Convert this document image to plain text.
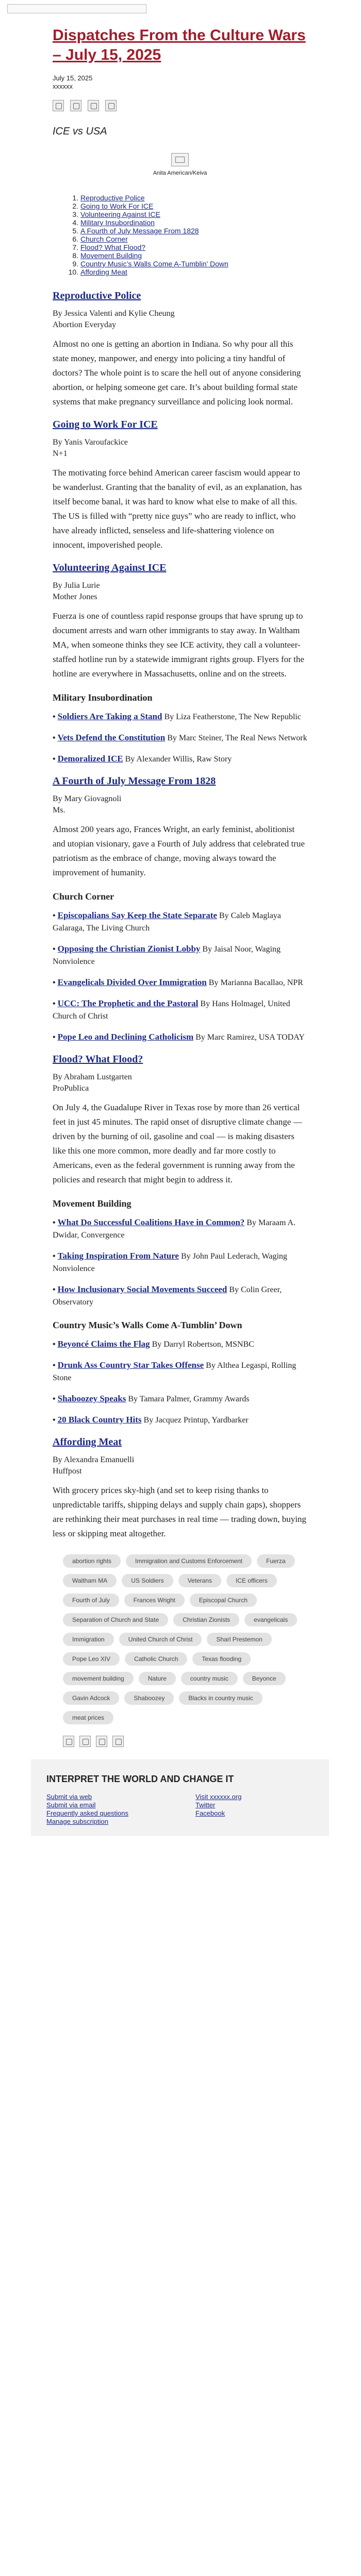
Dispatches From the Culture Wars – July 15, 2025
July 15, 2025
xxxxxx
ICE vs USA
Anita American/Keiva
1. Reproductive Police
2. Going to Work For ICE
3. Volunteering Against ICE
4. Military Insubordination
5. A Fourth of July Message From 1828
6. Church Corner
7. Flood? What Flood?
8. Movement Building
9. Country Music’s Walls Come A-Tumblin’ Down
10. Affording Meat
Reproductive Police
By Jessica Valenti and Kylie Cheung
Abortion Everyday

Almost no one is getting an abortion in Indiana. So why pour all this state money, manpower, and energy into policing a tiny handful of doctors? The whole point is to scare the hell out of anyone considering abortion, or helping someone get care. It’s about building formal state systems that make pregnancy surveillance and policing look normal.

Going to Work For ICE
By Yanis Varoufackice
N+1

The motivating force behind American career fascism would appear to be wanderlust. Granting that the banality of evil, as an explanation, has itself become banal, it was hard to know what else to make of all this. The US is filled with “pretty nice guys” who are ready to inflict, who have already inflicted, senseless and life-shattering violence on innocent, impoverished people.

Volunteering Against ICE
By Julia Lurie
Mother Jones

Fuerza is one of countless rapid response groups that have sprung up to document arrests and warn other immigrants to stay away. In Waltham MA, when someone thinks they see ICE activity, they call a volunteer-staffed hotline run by a statewide immigrant rights group. Flyers for the hotline are everywhere in Massachusetts, online and on the streets.

Military Insubordination
• Soldiers Are Taking a Stand By Liza Featherstone, The New Republic
• Vets Defend the Constitution By Marc Steiner, The Real News Network
• Demoralized ICE By Alexander Willis, Raw Story
A Fourth of July Message From 1828
By Mary Giovagnoli
Ms.

Almost 200 years ago, Frances Wright, an early feminist, abolitionist and utopian visionary, gave a Fourth of July address that celebrated true patriotism as the embrace of change, moving always toward the improvement of humanity.

Church Corner
• Episcopalians Say Keep the State Separate By Caleb Maglaya Galaraga, The Living Church
• Opposing the Christian Zionist Lobby By Jaisal Noor, Waging Nonviolence
• Evangelicals Divided Over Immigration By Marianna Bacallao, NPR
• UCC: The Prophetic and the Pastoral By Hans Holmagel, United Church of Christ
• Pope Leo and Declining Catholicism By Marc Ramirez, USA TODAY
Flood? What Flood?
By Abraham Lustgarten
ProPublica

On July 4, the Guadalupe River in Texas rose by more than 26 vertical feet in just 45 minutes. The rapid onset of disruptive climate change — driven by the burning of oil, gasoline and coal — is making disasters like this one more common, more deadly and far more costly to Americans, even as the federal government is running away from the policies and research that might begin to address it.

Movement Building
• What Do Successful Coalitions Have in Common? By Maraam A. Dwidar, Convergence
• Taking Inspiration From Nature By John Paul Lederach, Waging Nonviolence
• How Inclusionary Social Movements Succeed By Colin Greer, Observatory
Country Music’s Walls Come A-Tumblin’ Down
• Beyoncé Claims the Flag By Darryl Robertson, MSNBC
• Drunk Ass Country Star Takes Offense By Althea Legaspi, Rolling Stone
• Shaboozey Speaks By Tamara Palmer, Grammy Awards
• 20 Black Country Hits By Jacquez Printup, Yardbarker
Affording Meat
By Alexandra Emanuelli
Huffpost

With grocery prices sky-high (and set to keep rising thanks to unpredictable tariffs, shipping delays and supply chain gaps), shoppers are rethinking their meat purchases in real time — trading down, buying less or skipping meat altogether.

abortion rights	Immigration and Customs Enforcement	Fuerza
Waltham MA	US Soldiers	Veterans	ICE officers
Fourth of July	Frances Wright	Episcopal Church
Separation of Church and State	Christian Zionists	evangelicals
Immigration	United Church of Christ	Sharl Prestemon
Pope Leo XIV	Catholic Church	Texas flooding
movement building	Nature	country music	Beyonce
Gavin Adcock	Shaboozey	Blacks in country music
meat prices
INTERPRET THE WORLD AND CHANGE IT
Submit via web
Submit via email
Frequently asked questions
Manage subscription
Visit xxxxxx.org
Twitter
Facebook
